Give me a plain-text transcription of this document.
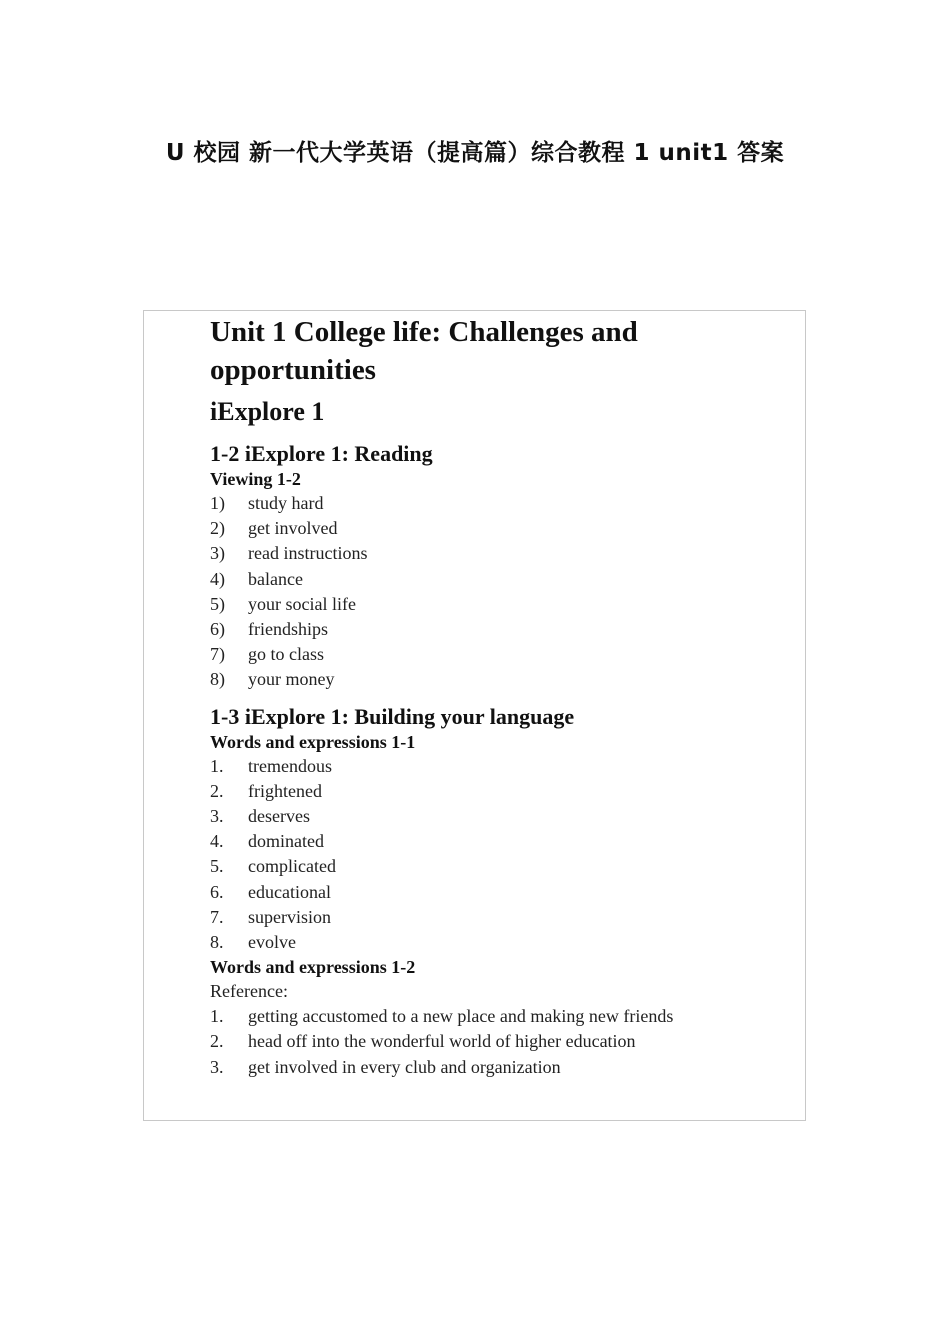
U 校园 新一代大学英语（提高篇）综合教程 1 unit1 答案
Unit 1 College life: Challenges and opportunities
iExplore 1
1-2 iExplore 1: Reading
Viewing 1-2
1) study hard
2) get involved
3) read instructions
4) balance
5) your social life
6) friendships
7) go to class
8) your money
1-3 iExplore 1: Building your language
Words and expressions 1-1
1. tremendous
2. frightened
3. deserves
4. dominated
5. complicated
6. educational
7. supervision
8. evolve
Words and expressions 1-2
Reference:
1. getting accustomed to a new place and making new friends
2. head off into the wonderful world of higher education
3. get involved in every club and organization
